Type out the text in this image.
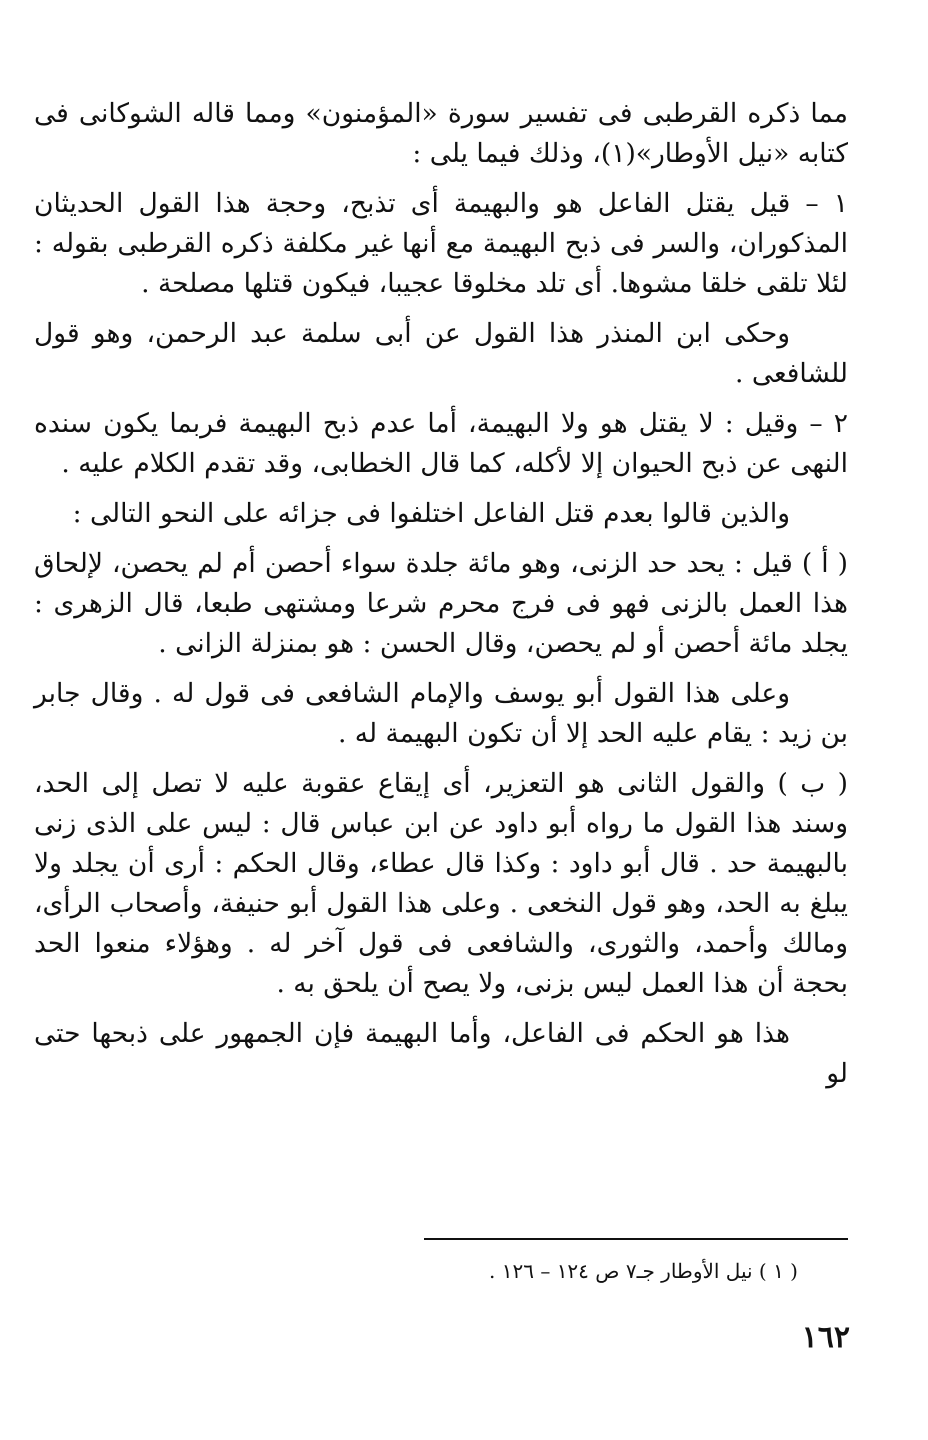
مما ذكره القرطبى فى تفسير سورة «المؤمنون» ومما قاله الشوكانى فى كتابه «نيل الأوطار»(١)، وذلك فيما يلى :

١ – قيل يقتل الفاعل هو والبهيمة أى تذبح، وحجة هذا القول الحديثان المذكوران، والسر فى ذبح البهيمة مع أنها غير مكلفة ذكره القرطبى بقوله : لئلا تلقى خلقا مشوها. أى تلد مخلوقا عجيبا، فيكون قتلها مصلحة .

وحكى ابن المنذر هذا القول عن أبى سلمة عبد الرحمن، وهو قول للشافعى .

٢ – وقيل : لا يقتل هو ولا البهيمة، أما عدم ذبح البهيمة فربما يكون سنده النهى عن ذبح الحيوان إلا لأكله، كما قال الخطابى، وقد تقدم الكلام عليه .

والذين قالوا بعدم قتل الفاعل اختلفوا فى جزائه على النحو التالى :

( أ ) قيل : يحد حد الزنى، وهو مائة جلدة سواء أحصن أم لم يحصن، لإلحاق هذا العمل بالزنى فهو فى فرج محرم شرعا ومشتهى طبعا، قال الزهرى : يجلد مائة أحصن أو لم يحصن، وقال الحسن : هو بمنزلة الزانى .

وعلى هذا القول أبو يوسف والإمام الشافعى فى قول له . وقال جابر بن زيد : يقام عليه الحد إلا أن تكون البهيمة له .

( ب ) والقول الثانى هو التعزير، أى إيقاع عقوبة عليه لا تصل إلى الحد، وسند هذا القول ما رواه أبو داود عن ابن عباس قال : ليس على الذى زنى بالبهيمة حد . قال أبو داود : وكذا قال عطاء، وقال الحكم : أرى أن يجلد ولا يبلغ به الحد، وهو قول النخعى . وعلى هذا القول أبو حنيفة، وأصحاب الرأى، ومالك وأحمد، والثورى، والشافعى فى قول آخر له . وهؤلاء منعوا الحد بحجة أن هذا العمل ليس بزنى، ولا يصح أن يلحق به .

هذا هو الحكم فى الفاعل، وأما البهيمة فإن الجمهور على ذبحها حتى لو

( ١ ) نيل الأوطار جـ٧ ص ١٢٤ – ١٢٦ .
١٦٢
